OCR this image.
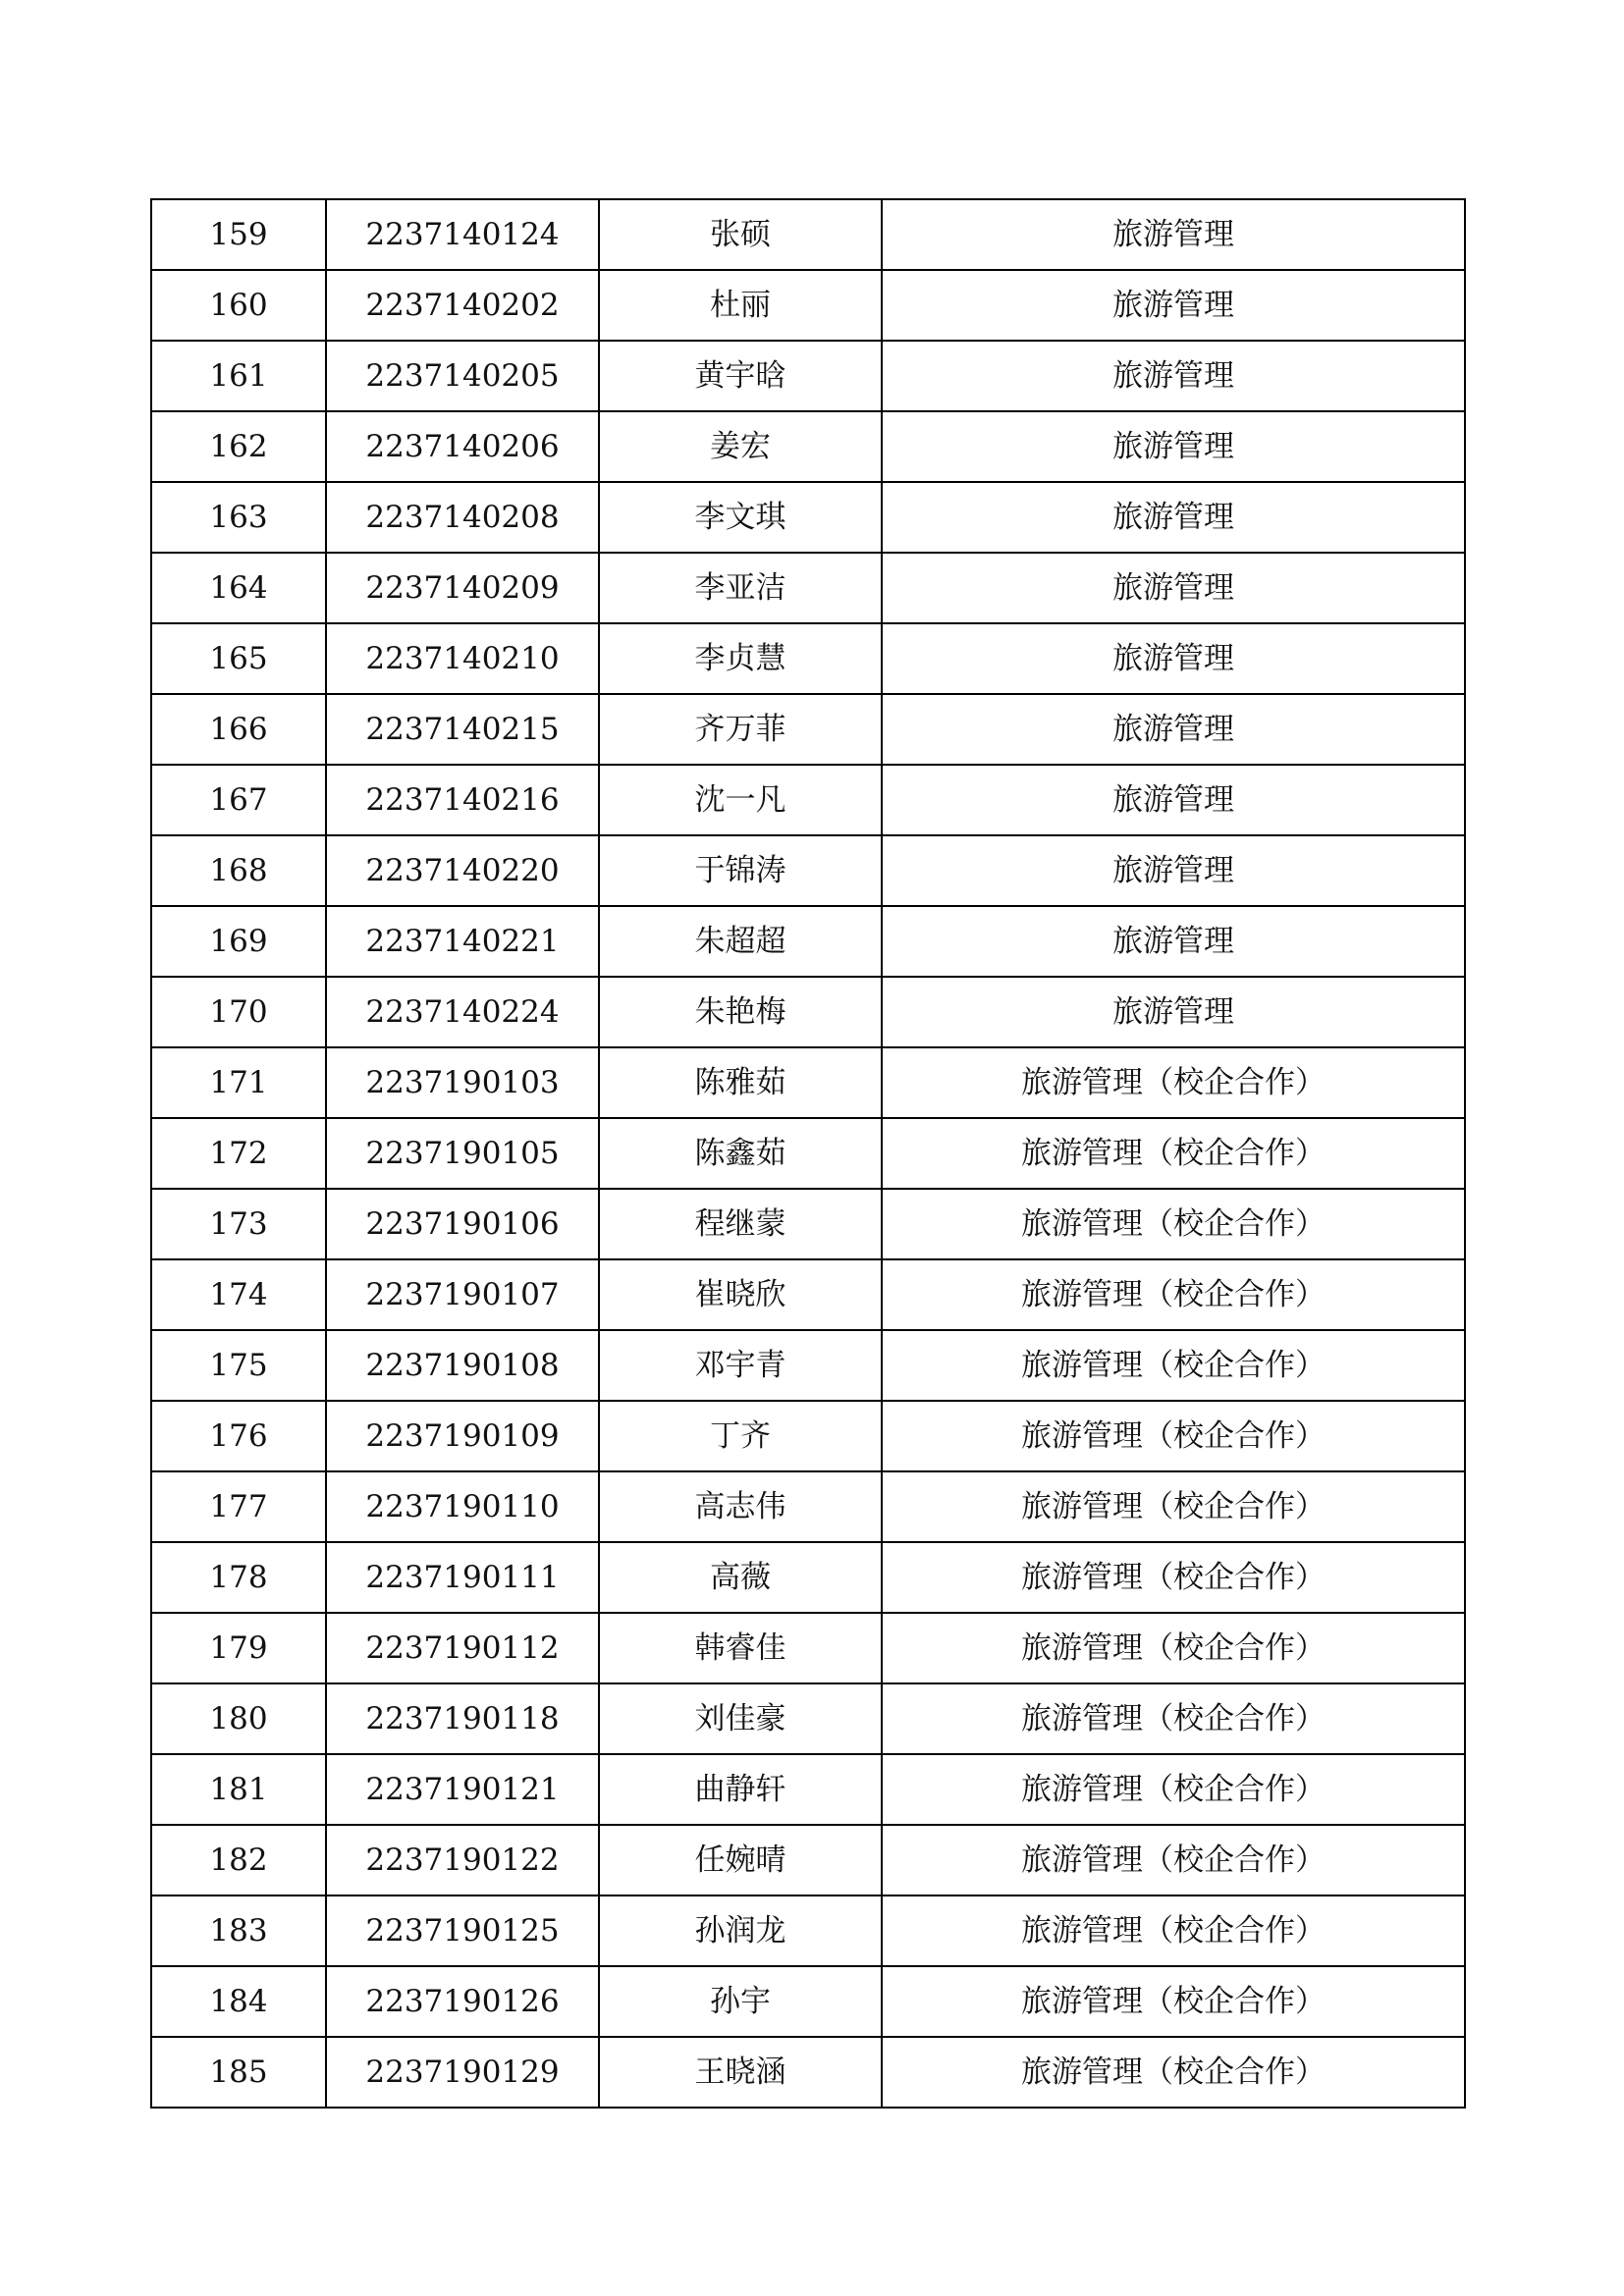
159	2237140124	张硕	旅游管理
160	2237140202	杜丽	旅游管理
161	2237140205	黄宇晗	旅游管理
162	2237140206	姜宏	旅游管理
163	2237140208	李文琪	旅游管理
164	2237140209	李亚洁	旅游管理
165	2237140210	李贞慧	旅游管理
166	2237140215	齐万菲	旅游管理
167	2237140216	沈一凡	旅游管理
168	2237140220	于锦涛	旅游管理
169	2237140221	朱超超	旅游管理
170	2237140224	朱艳梅	旅游管理
171	2237190103	陈雅茹	旅游管理（校企合作）
172	2237190105	陈鑫茹	旅游管理（校企合作）
173	2237190106	程继蒙	旅游管理（校企合作）
174	2237190107	崔晓欣	旅游管理（校企合作）
175	2237190108	邓宇青	旅游管理（校企合作）
176	2237190109	丁齐	旅游管理（校企合作）
177	2237190110	高志伟	旅游管理（校企合作）
178	2237190111	高薇	旅游管理（校企合作）
179	2237190112	韩睿佳	旅游管理（校企合作）
180	2237190118	刘佳豪	旅游管理（校企合作）
181	2237190121	曲静轩	旅游管理（校企合作）
182	2237190122	任婉晴	旅游管理（校企合作）
183	2237190125	孙润龙	旅游管理（校企合作）
184	2237190126	孙宇	旅游管理（校企合作）
185	2237190129	王晓涵	旅游管理（校企合作）
